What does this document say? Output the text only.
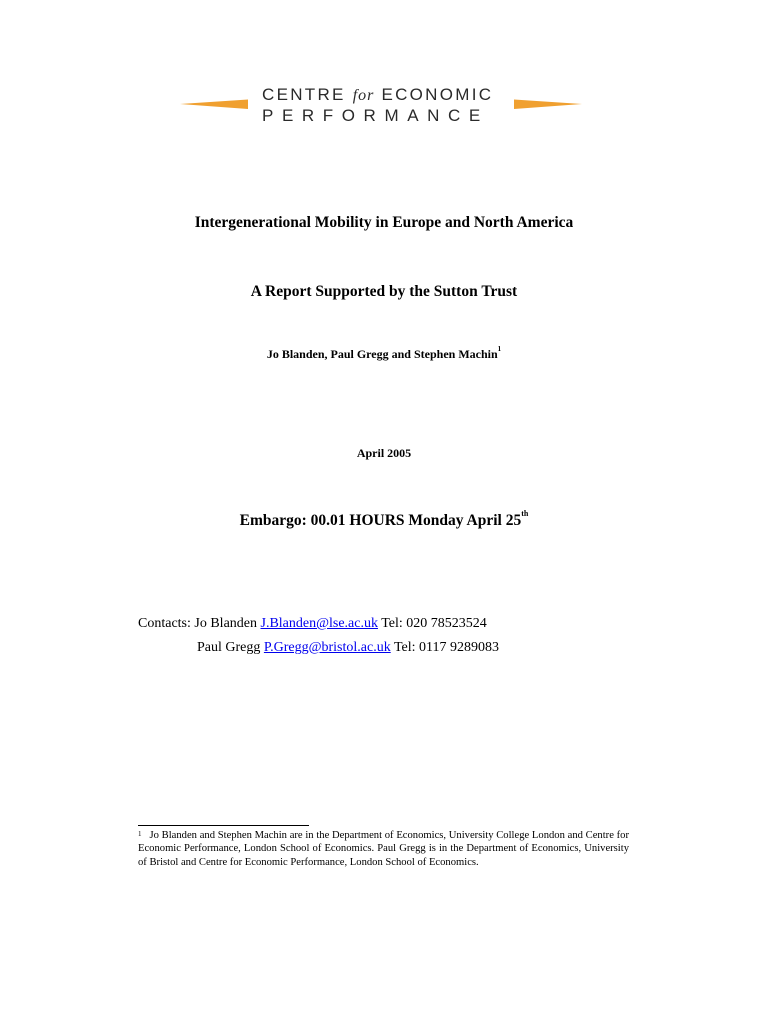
CENTRE for ECONOMIC
PERFORMANCE
Intergenerational Mobility in Europe and North America
A Report Supported by the Sutton Trust
Jo Blanden, Paul Gregg and Stephen Machin$^1$
April 2005
Embargo: 00.01 HOURS Monday April 25th
Contacts: Jo Blanden J.Blanden@lse.ac.uk Tel: 020 78523524
Paul Gregg P.Gregg@bristol.ac.uk Tel: 0117 9289083
$^1$ Jo Blanden and Stephen Machin are in the Department of Economics, University College London and Centre for Economic Performance, London School of Economics. Paul Gregg is in the Department of Economics, University of Bristol and Centre for Economic Performance, London School of Economics.
